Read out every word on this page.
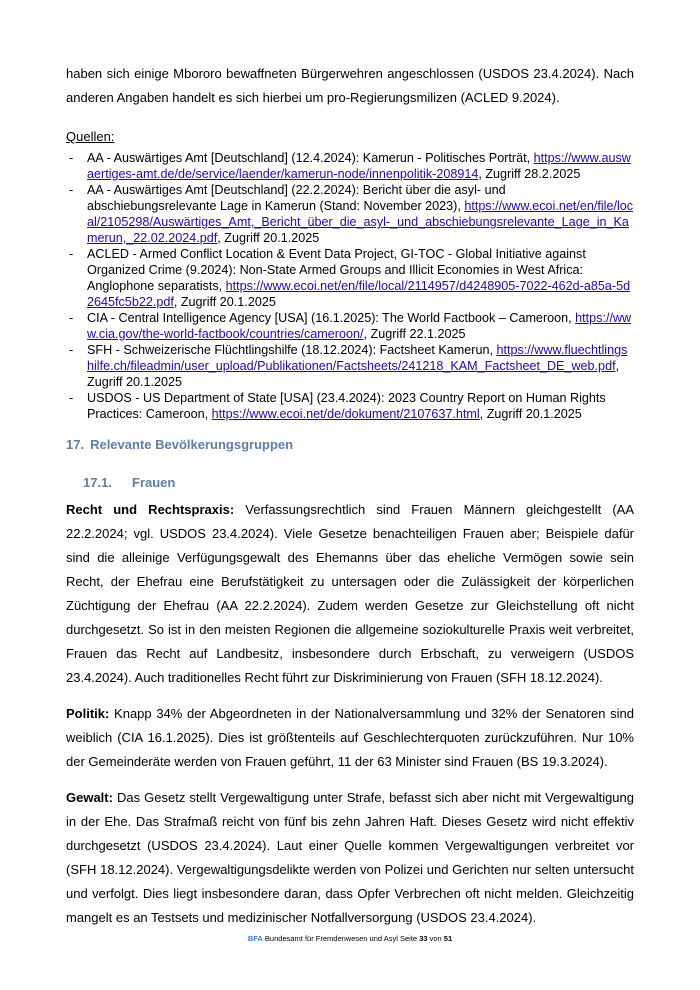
haben sich einige Mbororo bewaffneten Bürgerwehren angeschlossen (USDOS 23.4.2024). Nach anderen Angaben handelt es sich hierbei um pro-Regierungsmilizen (ACLED 9.2024).

Quellen:
- AA - Auswärtiges Amt [Deutschland] (12.4.2024): Kamerun - Politisches Porträt, https://www.auswaertiges-amt.de/de/service/laender/kamerun-node/innenpolitik-208914, Zugriff 28.2.2025
- AA - Auswärtiges Amt [Deutschland] (22.2.2024): Bericht über die asyl- und abschiebungsrelevante Lage in Kamerun (Stand: November 2023), https://www.ecoi.net/en/file/local/2105298/Auswärtiges_Amt,_Bericht_über_die_asyl-_und_abschiebungsrelevante_Lage_in_Kamerun,_22.02.2024.pdf, Zugriff 20.1.2025
- ACLED - Armed Conflict Location & Event Data Project, GI-TOC - Global Initiative against Organized Crime (9.2024): Non-State Armed Groups and Illicit Economies in West Africa: Anglophone separatists, https://www.ecoi.net/en/file/local/2114957/d4248905-7022-462d-a85a-5d2645fc5b22.pdf, Zugriff 20.1.2025
- CIA - Central Intelligence Agency [USA] (16.1.2025): The World Factbook – Cameroon, https://www.cia.gov/the-world-factbook/countries/cameroon/, Zugriff 22.1.2025
- SFH - Schweizerische Flüchtlingshilfe (18.12.2024): Factsheet Kamerun, https://www.fluechtlingshilfe.ch/fileadmin/user_upload/Publikationen/Factsheets/241218_KAM_Factsheet_DE_web.pdf, Zugriff 20.1.2025
- USDOS - US Department of State [USA] (23.4.2024): 2023 Country Report on Human Rights Practices: Cameroon, https://www.ecoi.net/de/dokument/2107637.html, Zugriff 20.1.2025
17. Relevante Bevölkerungsgruppen
17.1. Frauen

Recht und Rechtspraxis: Verfassungsrechtlich sind Frauen Männern gleichgestellt (AA 22.2.2024; vgl. USDOS 23.4.2024). Viele Gesetze benachteiligen Frauen aber; Beispiele dafür sind die alleinige Verfügungsgewalt des Ehemanns über das eheliche Vermögen sowie sein Recht, der Ehefrau eine Berufstätigkeit zu untersagen oder die Zulässigkeit der körperlichen Züchtigung der Ehefrau (AA 22.2.2024). Zudem werden Gesetze zur Gleichstellung oft nicht durchgesetzt. So ist in den meisten Regionen die allgemeine soziokulturelle Praxis weit verbreitet, Frauen das Recht auf Landbesitz, insbesondere durch Erbschaft, zu verweigern (USDOS 23.4.2024). Auch traditionelles Recht führt zur Diskriminierung von Frauen (SFH 18.12.2024).

Politik: Knapp 34% der Abgeordneten in der Nationalversammlung und 32% der Senatoren sind weiblich (CIA 16.1.2025). Dies ist größtenteils auf Geschlechterquoten zurückzuführen. Nur 10% der Gemeinderäte werden von Frauen geführt, 11 der 63 Minister sind Frauen (BS 19.3.2024).

Gewalt: Das Gesetz stellt Vergewaltigung unter Strafe, befasst sich aber nicht mit Vergewaltigung in der Ehe. Das Strafmaß reicht von fünf bis zehn Jahren Haft. Dieses Gesetz wird nicht effektiv durchgesetzt (USDOS 23.4.2024). Laut einer Quelle kommen Vergewaltigungen verbreitet vor (SFH 18.12.2024). Vergewaltigungsdelikte werden von Polizei und Gerichten nur selten untersucht und verfolgt. Dies liegt insbesondere daran, dass Opfer Verbrechen oft nicht melden. Gleichzeitig mangelt es an Testsets und medizinischer Notfallversorgung (USDOS 23.4.2024).

BFA Bundesamt für Fremdenwesen und Asyl Seite 33 von 51
